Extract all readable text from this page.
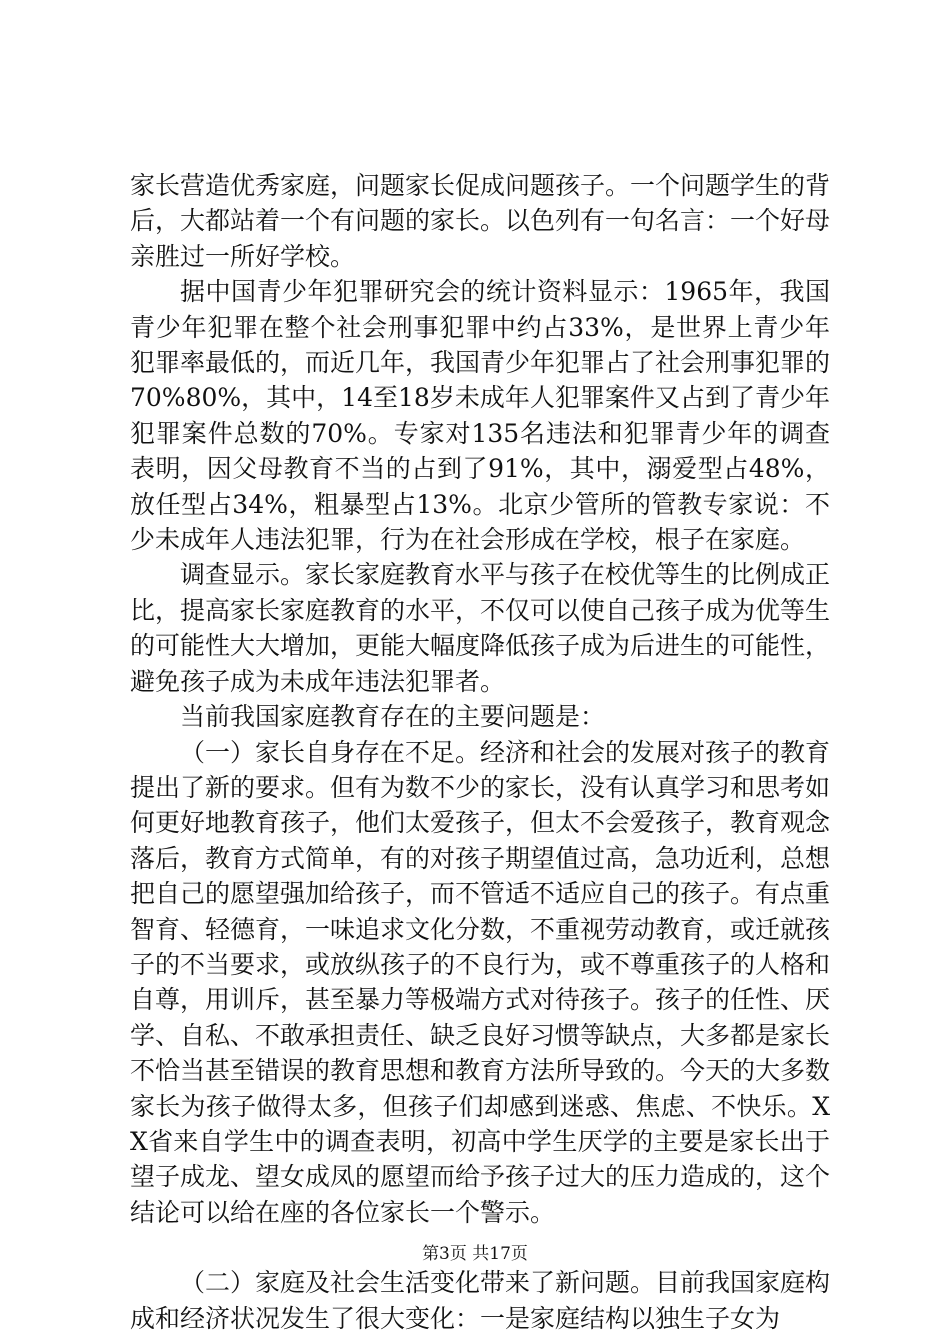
家长营造优秀家庭，问题家长促成问题孩子。一个问题学生的背后，大都站着一个有问题的家长。以色列有一句名言：一个好母亲胜过一所好学校。

据中国青少年犯罪研究会的统计资料显示：1965年，我国青少年犯罪在整个社会刑事犯罪中约占33%，是世界上青少年犯罪率最低的，而近几年，我国青少年犯罪占了社会刑事犯罪的70%80%，其中，14至18岁未成年人犯罪案件又占到了青少年犯罪案件总数的70%。专家对135名违法和犯罪青少年的调查表明，因父母教育不当的占到了91%，其中，溺爱型占48%，放任型占34%，粗暴型占13%。北京少管所的管教专家说：不少未成年人违法犯罪，行为在社会形成在学校，根子在家庭。

调查显示。家长家庭教育水平与孩子在校优等生的比例成正比，提高家长家庭教育的水平，不仅可以使自己孩子成为优等生的可能性大大增加，更能大幅度降低孩子成为后进生的可能性，避免孩子成为未成年违法犯罪者。

当前我国家庭教育存在的主要问题是：

（一）家长自身存在不足。经济和社会的发展对孩子的教育提出了新的要求。但有为数不少的家长，没有认真学习和思考如何更好地教育孩子，他们太爱孩子，但太不会爱孩子，教育观念落后，教育方式简单，有的对孩子期望值过高，急功近利，总想把自己的愿望强加给孩子，而不管适不适应自己的孩子。有点重智育、轻德育，一味追求文化分数，不重视劳动教育，或迁就孩子的不当要求，或放纵孩子的不良行为，或不尊重孩子的人格和自尊，用训斥，甚至暴力等极端方式对待孩子。孩子的任性、厌学、自私、不敢承担责任、缺乏良好习惯等缺点，大多都是家长不恰当甚至错误的教育思想和教育方法所导致的。今天的大多数家长为孩子做得太多，但孩子们却感到迷惑、焦虑、不快乐。XX省来自学生中的调查表明，初高中学生厌学的主要是家长出于望子成龙、望女成凤的愿望而给予孩子过大的压力造成的，这个结论可以给在座的各位家长一个警示。

（二）家庭及社会生活变化带来了新问题。目前我国家庭构成和经济状况发生了很大变化：一是家庭结构以独生子女为

第3页 共17页
